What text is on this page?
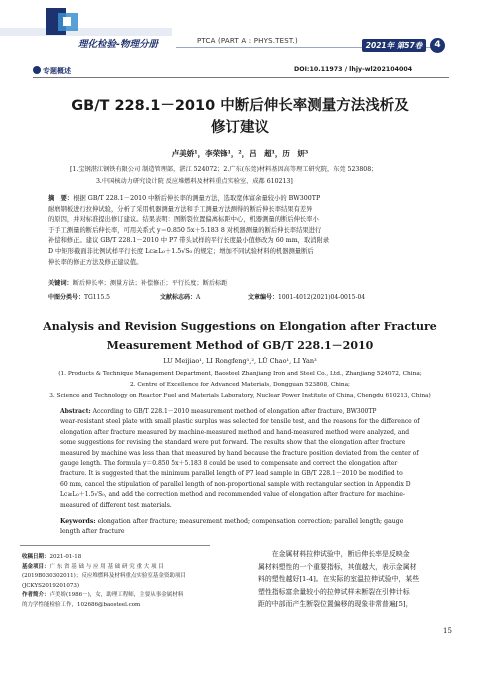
理化检验-物理分册	PTCA (PART A : PHYS.TEST.)	2021年 第57卷	4
专题概述	DOI:10.11973 / lhjy-wl202104004
GB/T 228.1－2010 中断后伸长率测量方法浅析及
修订建议
卢美娇¹，李荣锋¹，²，吕　超¹，历　妍³
[1.宝钢湛江钢铁有限公司 制造管理部，湛江 524072；2.广东(东莞)材料基因高等理工研究院，东莞 523808；
3.中国核动力研究设计院 反应堆燃料及材料重点实验室，成都 610213]
摘　要：根据 GB/T 228.1－2010 中断后伸长率的测量方法，选取宽体富余量较小的 BW300TP
耐磨钢板进行拉伸试验，分析了采用机器测量方法和手工测量方法测得的断后伸长率结果有差异
的原因，并对标准提出修订建议。结果表明：图断裂位置偏离标距中心，机器测量的断后伸长率小
于手工测量的断后伸长率，可用关系式 y＝0.850 5x＋5.183 8 对机器测量的断后伸长率结果进行
补偿和修正。建议 GB/T 228.1－2010 中 P7 带头试样的平行长度最小值修改为 60 mm，取消附录
D 中矩形截面非比例试样平行长度 Lc≥L₀＋1.5√S₀ 的规定；增加不同试验材料的机器测量断后
伸长率的修正方法及修正建议值。
关键词：断后伸长率；测量方法；补偿修正；平行长度；断后标距
中图分类号：TG115.5	文献标志码：A	文章编号：1001-4012(2021)04-0015-04
Analysis and Revision Suggestions on Elongation after Fracture
Measurement Method of GB/T 228.1－2010
LU Meijiao¹, LI Rongfeng¹,², LÜ Chao¹, LI Yan³
(1. Products & Technique Management Department, Baosteel Zhanjiang Iron and Steel Co., Ltd., Zhanjiang 524072, China;
2. Centre of Excellence for Advanced Materials, Dongguan 523808, China;
3. Science and Technology on Reactor Fuel and Materials Laboratory, Nuclear Power Institute of China, Chengdu 610213, China)
Abstract: According to GB/T 228.1－2010 measurement method of elongation after fracture, BW300TP
wear-resistant steel plate with small plastic surplus was selected for tensile test, and the reasons for the difference of
elongation after fracture measured by machine-measured method and hand-measured method were analyzed, and
some suggestions for revising the standard were put forward. The results show that the elongation after fracture
measured by machine was less than that measured by hand because the fracture position deviated from the center of
gauge length. The formula y＝0.850 5x＋5.183 8 could be used to compensate and correct the elongation after
fracture. It is suggested that the minimum parallel length of P7 lead sample in GB/T 228.1－2010 be modified to
60 mm, cancel the stipulation of parallel length of non-proportional sample with rectangular section in Appendix D
Lc≥L₀＋1.5√S₀, and add the correction method and recommended value of elongation after fracture for machine-
measured of different test materials.
Keywords: elongation after fracture; measurement method; compensation correction; parallel length; gauge
length after fracture
收稿日期：2021-01-18
基金项目：广 东 省 基 础 与 应 用 基 础 研 究 重 大 项 目
(2019B030302011)；反应堆燃料及材料重点实验室基金资助项目
(JCKYS2019201073)
作者简介：卢美娇(1986－)，女，助理工程师，主要从事金属材料
的力学性能检验工作，102686@baosteel.com
　　在金属材料拉伸试验中，断后伸长率是反映金
属材料塑性的一个重要指标，其值越大，表示金属材
料的塑性越好[1-4]。在实际的室温拉伸试验中，某些
塑性指标富余量较小的拉伸试样未断裂在引伸计标
距的中部而产生断裂位置偏移的现象非常普遍[5]，
15
